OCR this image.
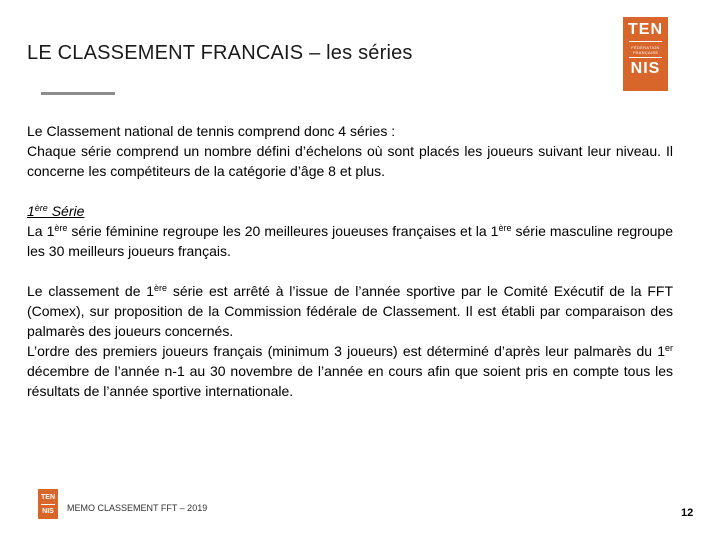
LE CLASSEMENT FRANCAIS – les séries
TEN
FÉDÉRATION FRANÇAISE
NIS

Le Classement national de tennis comprend donc 4 séries :

Chaque série comprend un nombre défini d’échelons où sont placés les joueurs suivant leur niveau. Il concerne les compétiteurs de la catégorie d’âge 8 et plus.

1ère Série

La 1ère série féminine regroupe les 20 meilleures joueuses françaises et la 1ère série masculine regroupe les 30 meilleurs joueurs français.

Le classement de 1ère série est arrêté à l’issue de l’année sportive par le Comité Exécutif de la FFT (Comex), sur proposition de la Commission fédérale de Classement. Il est établi par comparaison des palmarès des joueurs concernés.

L’ordre des premiers joueurs français (minimum 3 joueurs) est déterminé d’après leur palmarès du 1er décembre de l’année n-1 au 30 novembre de l’année en cours afin que soient pris en compte tous les résultats de l’année sportive internationale.

TEN
NIS	MEMO CLASSEMENT FFT – 2019	12
